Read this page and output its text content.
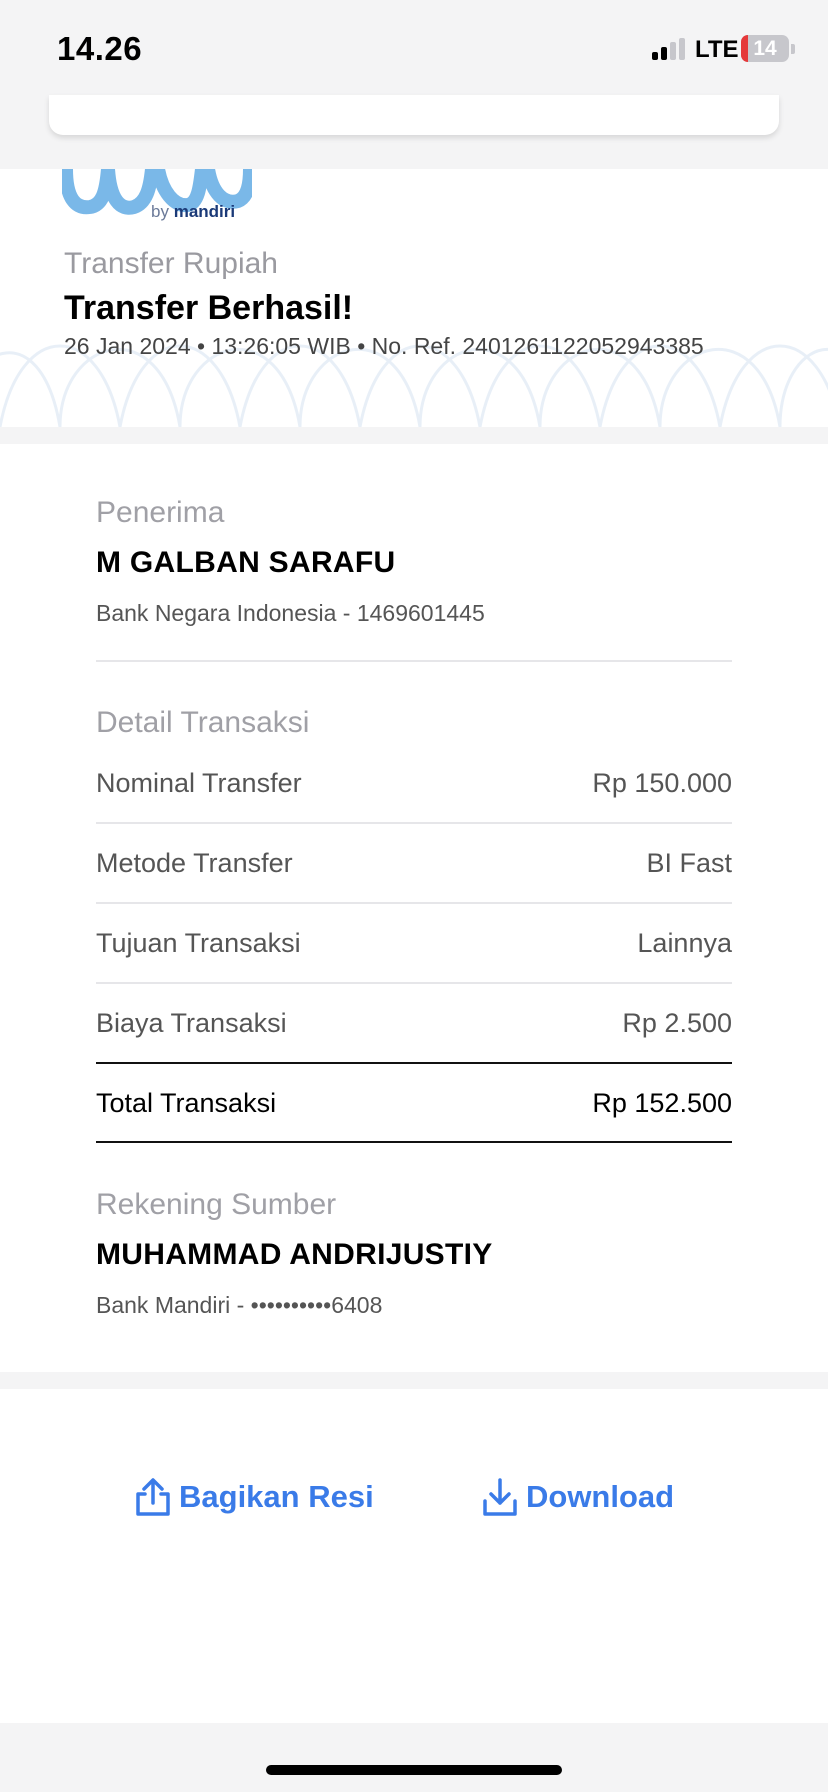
14.26	LTE 14
by mandiri
Transfer Rupiah
Transfer Berhasil!
26 Jan 2024 • 13:26:05 WIB • No. Ref. 2401261122052943385
Penerima
M GALBAN SARAFU
Bank Negara Indonesia - 1469601445
Detail Transaksi
Nominal Transfer	Rp 150.000
Metode Transfer	BI Fast
Tujuan Transaksi	Lainnya
Biaya Transaksi	Rp 2.500
Total Transaksi	Rp 152.500
Rekening Sumber
MUHAMMAD ANDRIJUSTIY
Bank Mandiri - ••••••••••6408
Bagikan Resi	Download
